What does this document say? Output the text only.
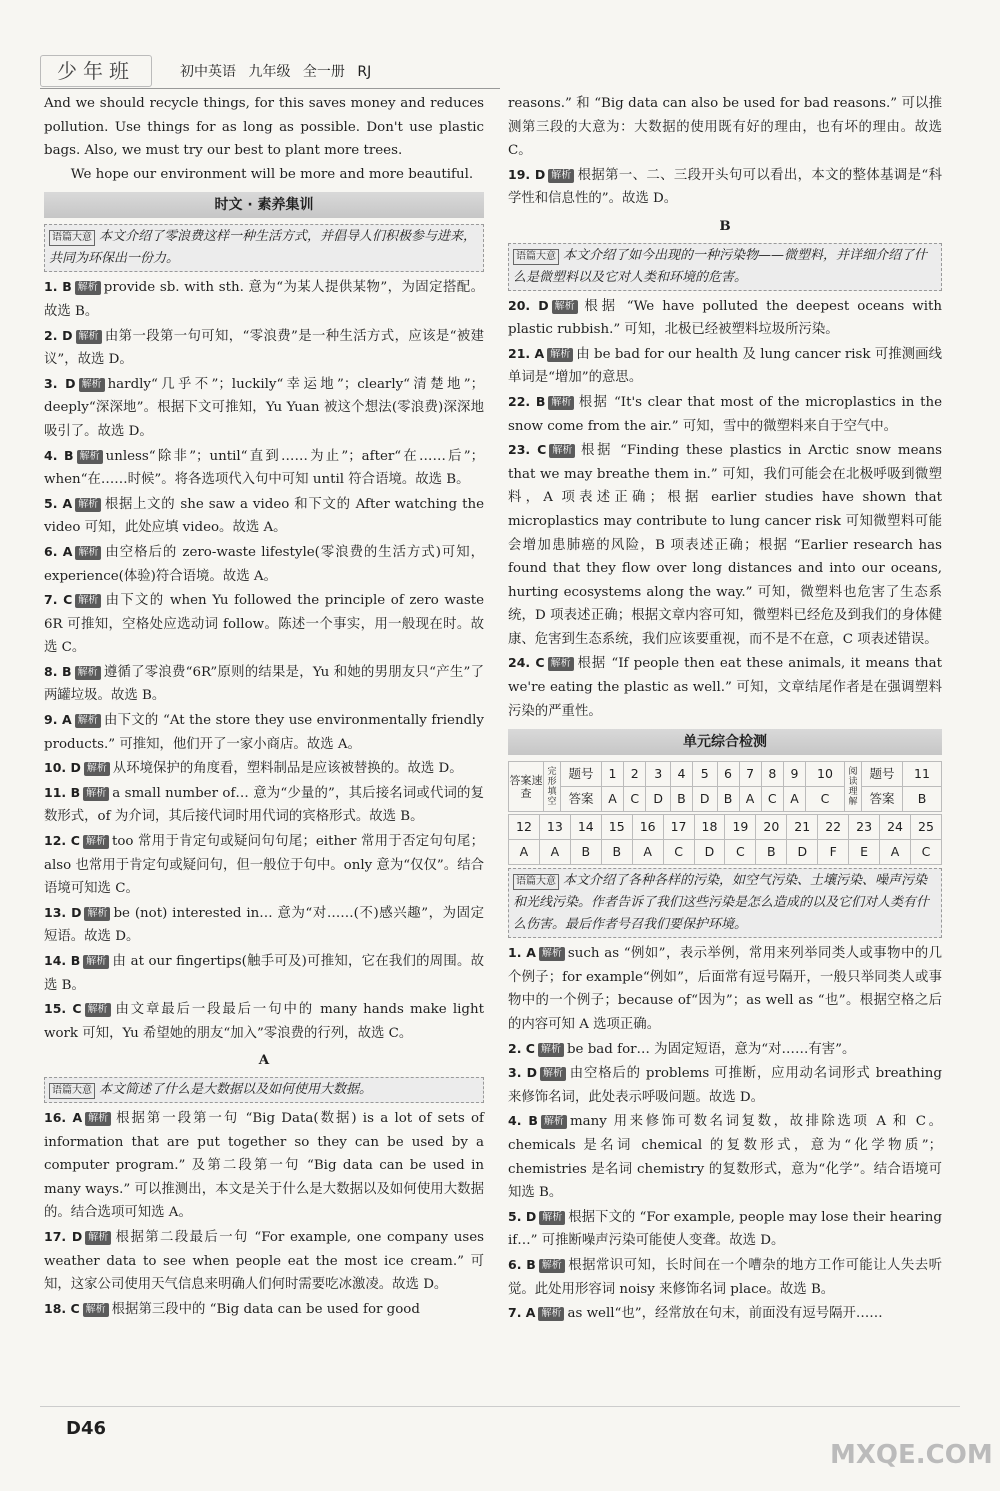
少年班	初中英语 九年级 全一册 RJ

And we should recycle things, for this saves money and reduces pollution. Use things for as long as possible. Don't use plastic bags. Also, we must try our best to plant more trees.

We hope our environment will be more and more beautiful.

时文 · 素养集训
语篇大意 本文介绍了零浪费这样一种生活方式，并倡导人们积极参与进来，共同为环保出一份力。
1. B 解析 provide sb. with sth. 意为“为某人提供某物”，为固定搭配。故选 B。
2. D 解析 由第一段第一句可知，“零浪费”是一种生活方式，应该是“被建议”，故选 D。
3. D 解析 hardly“几乎不”；luckily“幸运地”；clearly“清楚地”；deeply“深深地”。根据下文可推知，Yu Yuan 被这个想法(零浪费)深深地吸引了。故选 D。
4. B 解析 unless“除非”；until“直到……为止”；after“在……后”；when“在……时候”。将各选项代入句中可知 until 符合语境。故选 B。
5. A 解析 根据上文的 she saw a video 和下文的 After watching the video 可知，此处应填 video。故选 A。
6. A 解析 由空格后的 zero-waste lifestyle(零浪费的生活方式)可知，experience(体验)符合语境。故选 A。
7. C 解析 由下文的 when Yu followed the principle of zero waste 6R 可推知，空格处应选动词 follow。陈述一个事实，用一般现在时。故选 C。
8. B 解析 遵循了零浪费“6R”原则的结果是，Yu 和她的男朋友只“产生”了两罐垃圾。故选 B。
9. A 解析 由下文的 “At the store they use environmentally friendly products.” 可推知，他们开了一家小商店。故选 A。
10. D 解析 从环境保护的角度看，塑料制品是应该被替换的。故选 D。
11. B 解析 a small number of… 意为“少量的”，其后接名词或代词的复数形式，of 为介词，其后接代词时用代词的宾格形式。故选 B。
12. C 解析 too 常用于肯定句或疑问句句尾；either 常用于否定句句尾；also 也常用于肯定句或疑问句，但一般位于句中。only 意为“仅仅”。结合语境可知选 C。
13. D 解析 be (not) interested in… 意为“对……(不)感兴趣”，为固定短语。故选 D。
14. B 解析 由 at our fingertips(触手可及)可推知，它在我们的周围。故选 B。
15. C 解析 由文章最后一段最后一句中的 many hands make light work 可知，Yu 希望她的朋友“加入”零浪费的行列，故选 C。
A
语篇大意 本文简述了什么是大数据以及如何使用大数据。
16. A 解析 根据第一段第一句 “Big Data(数据) is a lot of sets of information that are put together so they can be used by a computer program.” 及第二段第一句 “Big data can be used in many ways.” 可以推测出，本文是关于什么是大数据以及如何使用大数据的。结合选项可知选 A。
17. D 解析 根据第二段最后一句 “For example, one company uses weather data to see when people eat the most ice cream.” 可知，这家公司使用天气信息来明确人们何时需要吃冰激凌。故选 D。
18. C 解析 根据第三段中的 “Big data can be used for good

reasons.” 和 “Big data can also be used for bad reasons.” 可以推测第三段的大意为：大数据的使用既有好的理由，也有坏的理由。故选 C。

19. D 解析 根据第一、二、三段开头句可以看出，本文的整体基调是“科学性和信息性的”。故选 D。
B
语篇大意 本文介绍了如今出现的一种污染物——微塑料，并详细介绍了什么是微塑料以及它对人类和环境的危害。
20. D 解析 根据 “We have polluted the deepest oceans with plastic rubbish.” 可知，北极已经被塑料垃圾所污染。
21. A 解析 由 be bad for our health 及 lung cancer risk 可推测画线单词是“增加”的意思。
22. B 解析 根据 “It's clear that most of the microplastics in the snow come from the air.” 可知，雪中的微塑料来自于空气中。
23. C 解析 根据 “Finding these plastics in Arctic snow means that we may breathe them in.” 可知，我们可能会在北极呼吸到微塑料，A 项表述正确；根据 earlier studies have shown that microplastics may contribute to lung cancer risk 可知微塑料可能会增加患肺癌的风险，B 项表述正确；根据 “Earlier research has found that they flow over long distances and into our oceans, hurting ecosystems along the way.” 可知，微塑料也危害了生态系统，D 项表述正确；根据文章内容可知，微塑料已经危及到我们的身体健康、危害到生态系统，我们应该要重视，而不是不在意，C 项表述错误。
24. C 解析 根据 “If people then eat these animals, it means that we're eating the plastic as well.” 可知，文章结尾作者是在强调塑料污染的严重性。
单元综合检测
答案速查	完形填空	题号	1	2	3	4	5	6	7	8	9	10	阅读理解	题号	11
		答案	A	C	D	B	D	B	A	C	A	C		答案	B
12	13	14	15	16	17	18	19	20	21	22	23	24	25
A	A	B	B	A	C	D	C	B	D	F	E	A	C
语篇大意 本文介绍了各种各样的污染，如空气污染、土壤污染、噪声污染和光线污染。作者告诉了我们这些污染是怎么造成的以及它们对人类有什么伤害。最后作者号召我们要保护环境。
1. A 解析 such as “例如”，表示举例，常用来列举同类人或事物中的几个例子；for example“例如”，后面常有逗号隔开，一般只举同类人或事物中的一个例子；because of“因为”；as well as “也”。根据空格之后的内容可知 A 选项正确。
2. C 解析 be bad for… 为固定短语，意为“对……有害”。
3. D 解析 由空格后的 problems 可推断，应用动名词形式 breathing 来修饰名词，此处表示呼吸问题。故选 D。
4. B 解析 many 用来修饰可数名词复数，故排除选项 A 和 C。chemicals 是名词 chemical 的复数形式，意为“化学物质”；chemistries 是名词 chemistry 的复数形式，意为“化学”。结合语境可知选 B。
5. D 解析 根据下文的 “For example, people may lose their hearing if…” 可推断噪声污染可能使人变聋。故选 D。
6. B 解析 根据常识可知，长时间在一个嘈杂的地方工作可能让人失去听觉。此处用形容词 noisy 来修饰名词 place。故选 B。
7. A 解析 as well“也”，经常放在句末，前面没有逗号隔开……
D46
MXQE.COM
